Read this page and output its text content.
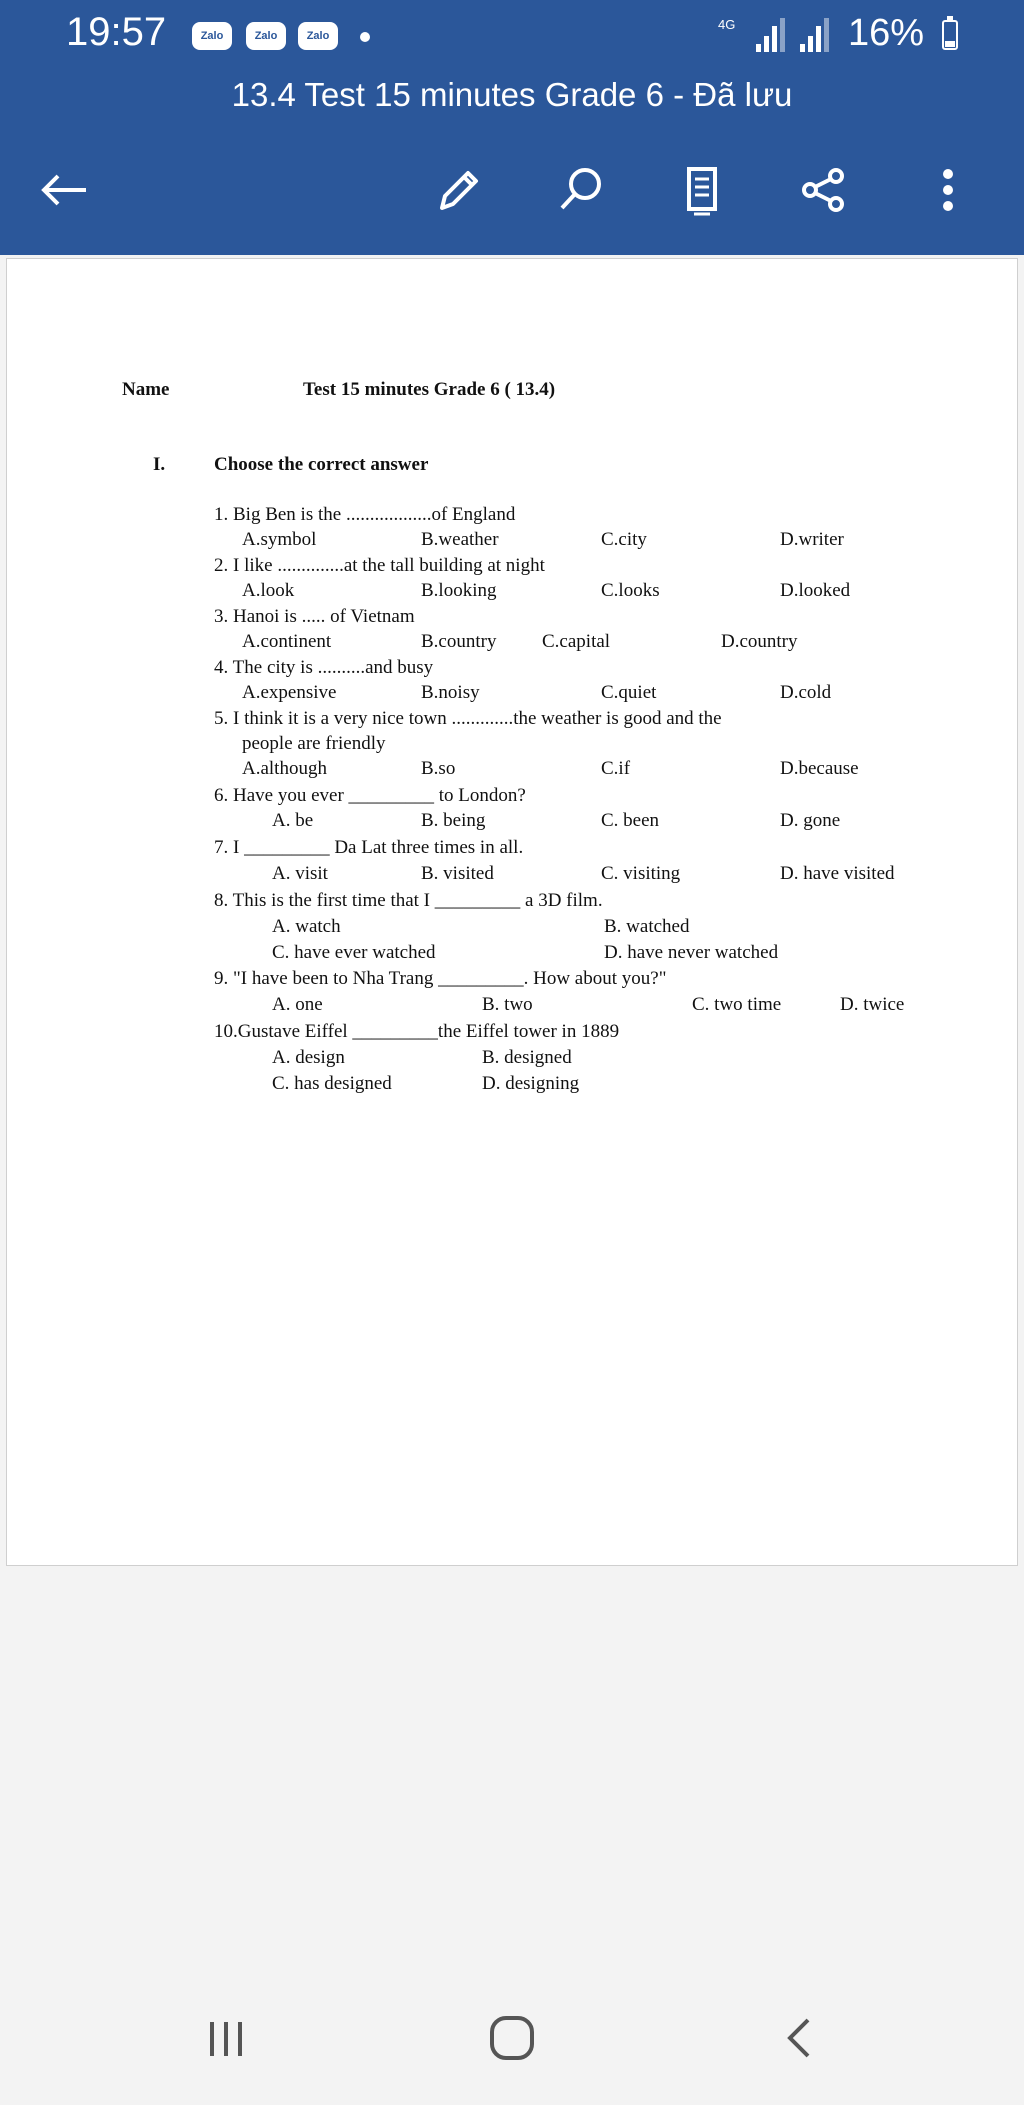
19:57	Zalo	Zalo	Zalo
4G	16%
13.4 Test 15 minutes Grade 6 - Đã lưu
Name	Test 15 minutes Grade 6 ( 13.4)
I.	Choose the correct answer
1. Big Ben is the ..................of England
A.symbol	B.weather	C.city	D.writer
2. I like ..............at the tall building at night
A.look	B.looking	C.looks	D.looked
3. Hanoi is ..... of Vietnam
A.continent	B.country C.capital	D.country
4. The city is ..........and busy
A.expensive	B.noisy	C.quiet	D.cold
5. I think it is a very nice town .............the weather is good and the
people are friendly
A.although	B.so	C.if	D.because
6. Have you ever _________ to London?
A. be	B. being	C. been	D. gone
7. I _________ Da Lat three times in all.
A. visit	B. visited	C. visiting	D. have visited
8. This is the first time that I _________ a 3D film.
A. watch	B. watched
C. have ever watched	D. have never watched
9. "I have been to Nha Trang _________. How about you?"
A. one	B. two	C. two time	D. twice
10.Gustave Eiffel _________the Eiffel tower in 1889
A. design	B. designed
C. has designed	D. designing
